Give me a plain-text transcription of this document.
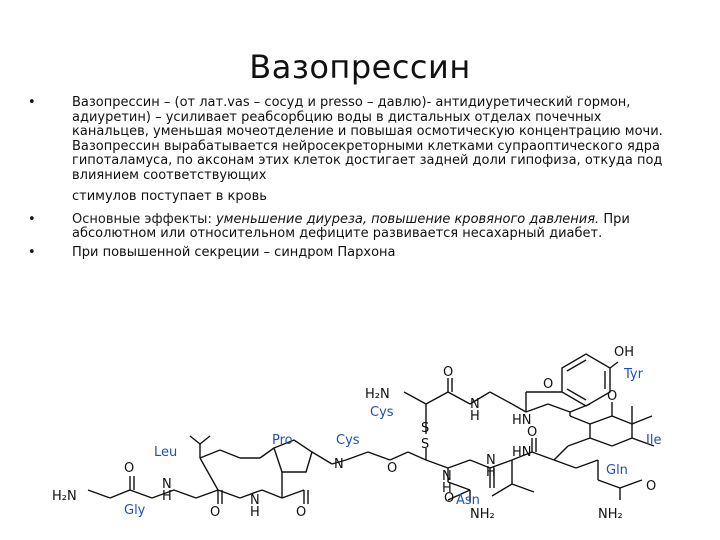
Вазопрессин
•	Вазопрессин – (от лат.vas – сосуд и presso – давлю)- антидиуретический гормон, адиуретин) – усиливает реабсорбцию воды в дистальных отделах почечных канальцев, уменьшая мочеотделение и повышая осмотическую концентрацию мочи. Вазопрессин вырабатывается нейросекреторными клетками супраоптического ядра гипоталамуса, по аксонам этих клеток достигает задней доли гипофиза, откуда под влиянием соответствующих
стимулов поступает в кровь
•	Основные эффекты: уменьшение диуреза, повышение кровяного давления. При абсолютном или относительном дефиците развивается несахарный диабет.
•	При повышенной секреции – синдром Пархона
OH
H₂N
O
N
H
O
HN
O
S
S
HN
O
O
N
H
N
H
O
NH₂
O
NH₂
N
O
N
H
O
N
H
O
H₂N
Tyr
Cys
Ile
Pro	Cys
Leu
Gln
Asn
Gly
